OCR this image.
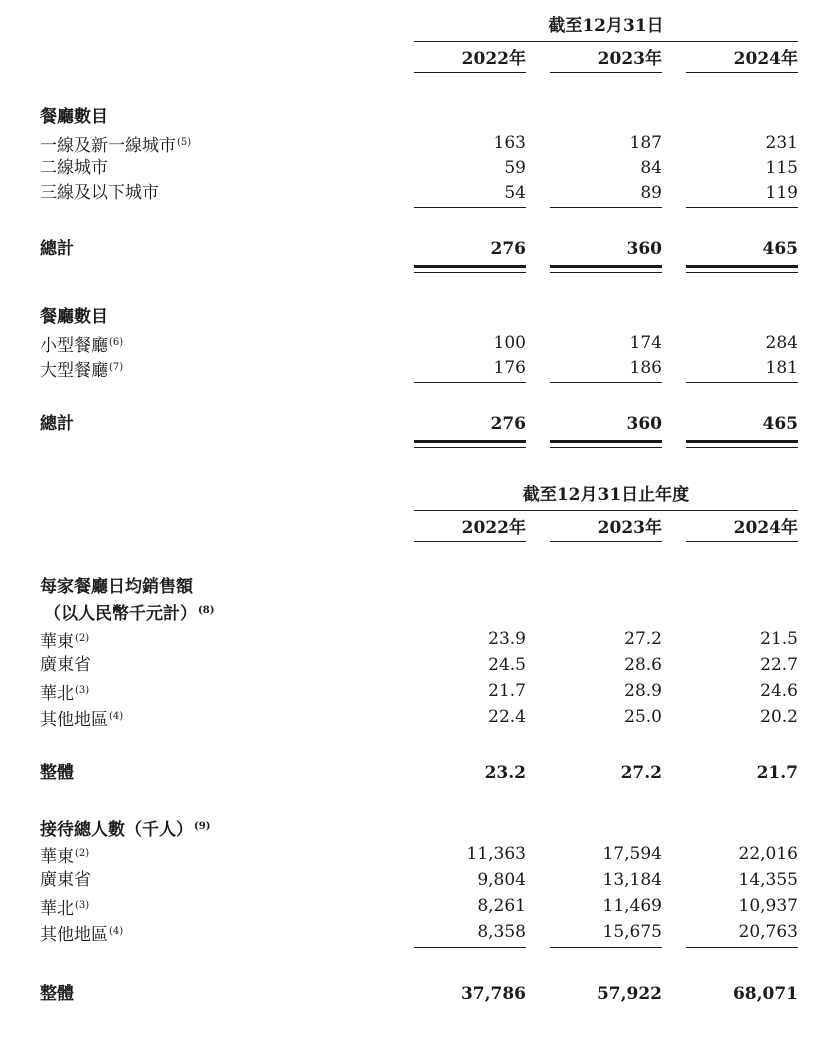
截至12月31日
2022年	2023年	2024年
餐廳數目
一線及新一線城市$^{(5)}$	163	187	231
二線城市	59	84	115
三線及以下城市	54	89	119
總計	276	360	465
餐廳數目
小型餐廳$^{(6)}$	100	174	284
大型餐廳$^{(7)}$	176	186	181
總計	276	360	465
截至12月31日止年度
2022年	2023年	2024年
每家餐廳日均銷售額
（以人民幣千元計）$^{(8)}$
華東$^{(2)}$	23.9	27.2	21.5
廣東省	24.5	28.6	22.7
華北$^{(3)}$	21.7	28.9	24.6
其他地區$^{(4)}$	22.4	25.0	20.2
整體	23.2	27.2	21.7
接待總人數（千人）$^{(9)}$
華東$^{(2)}$	11,363	17,594	22,016
廣東省	9,804	13,184	14,355
華北$^{(3)}$	8,261	11,469	10,937
其他地區$^{(4)}$	8,358	15,675	20,763
整體	37,786	57,922	68,071
